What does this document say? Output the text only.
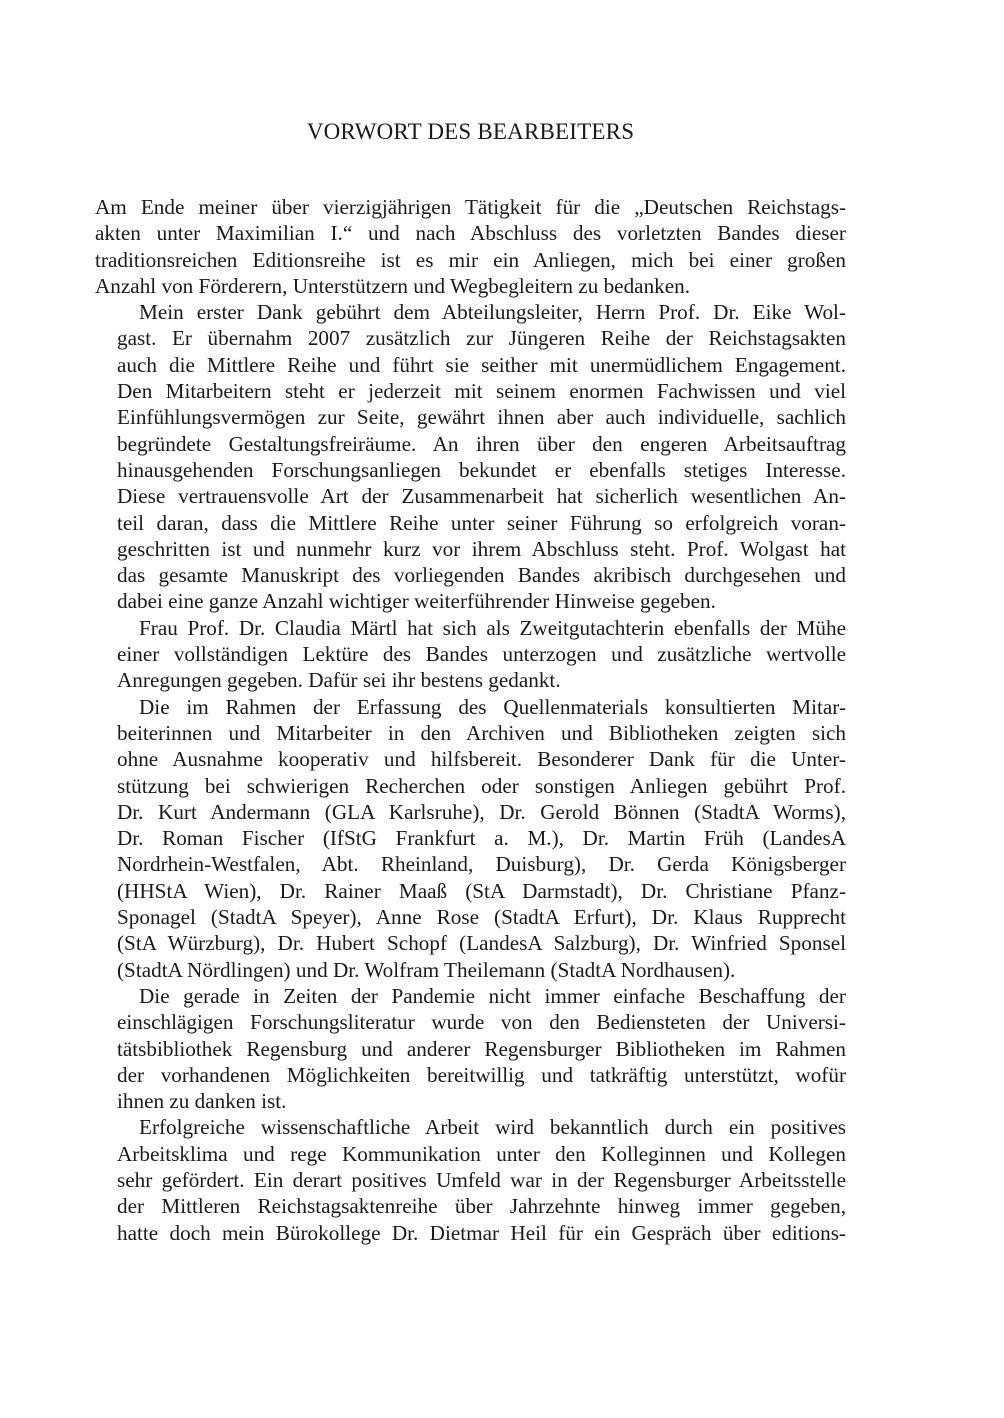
VORWORT DES BEARBEITERS
Am Ende meiner über vierzigjährigen Tätigkeit für die „Deutschen Reichstags-
akten unter Maximilian I.“ und nach Abschluss des vorletzten Bandes dieser
traditionsreichen Editionsreihe ist es mir ein Anliegen, mich bei einer großen
Anzahl von Förderern, Unterstützern und Wegbegleitern zu bedanken.
Mein erster Dank gebührt dem Abteilungsleiter, Herrn Prof. Dr. Eike Wol-
gast. Er übernahm 2007 zusätzlich zur Jüngeren Reihe der Reichstagsakten
auch die Mittlere Reihe und führt sie seither mit unermüdlichem Engagement.
Den Mitarbeitern steht er jederzeit mit seinem enormen Fachwissen und viel
Einfühlungsvermögen zur Seite, gewährt ihnen aber auch individuelle, sachlich
begründete Gestaltungsfreiräume. An ihren über den engeren Arbeitsauftrag
hinausgehenden Forschungsanliegen bekundet er ebenfalls stetiges Interesse.
Diese vertrauensvolle Art der Zusammenarbeit hat sicherlich wesentlichen An-
teil daran, dass die Mittlere Reihe unter seiner Führung so erfolgreich voran-
geschritten ist und nunmehr kurz vor ihrem Abschluss steht. Prof. Wolgast hat
das gesamte Manuskript des vorliegenden Bandes akribisch durchgesehen und
dabei eine ganze Anzahl wichtiger weiterführender Hinweise gegeben.
Frau Prof. Dr. Claudia Märtl hat sich als Zweitgutachterin ebenfalls der Mühe
einer vollständigen Lektüre des Bandes unterzogen und zusätzliche wertvolle
Anregungen gegeben. Dafür sei ihr bestens gedankt.
Die im Rahmen der Erfassung des Quellenmaterials konsultierten Mitar-
beiterinnen und Mitarbeiter in den Archiven und Bibliotheken zeigten sich
ohne Ausnahme kooperativ und hilfsbereit. Besonderer Dank für die Unter-
stützung bei schwierigen Recherchen oder sonstigen Anliegen gebührt Prof.
Dr. Kurt Andermann (GLA Karlsruhe), Dr. Gerold Bönnen (StadtA Worms),
Dr. Roman Fischer (IfStG Frankfurt a. M.), Dr. Martin Früh (LandesA
Nordrhein-Westfalen, Abt. Rheinland, Duisburg), Dr. Gerda Königsberger
(HHStA Wien), Dr. Rainer Maaß (StA Darmstadt), Dr. Christiane Pfanz-
Sponagel (StadtA Speyer), Anne Rose (StadtA Erfurt), Dr. Klaus Rupprecht
(StA Würzburg), Dr. Hubert Schopf (LandesA Salzburg), Dr. Winfried Sponsel
(StadtA Nördlingen) und Dr. Wolfram Theilemann (StadtA Nordhausen).
Die gerade in Zeiten der Pandemie nicht immer einfache Beschaffung der
einschlägigen Forschungsliteratur wurde von den Bediensteten der Universi-
tätsbibliothek Regensburg und anderer Regensburger Bibliotheken im Rahmen
der vorhandenen Möglichkeiten bereitwillig und tatkräftig unterstützt, wofür
ihnen zu danken ist.
Erfolgreiche wissenschaftliche Arbeit wird bekanntlich durch ein positives
Arbeitsklima und rege Kommunikation unter den Kolleginnen und Kollegen
sehr gefördert. Ein derart positives Umfeld war in der Regensburger Arbeitsstelle
der Mittleren Reichstagsaktenreihe über Jahrzehnte hinweg immer gegeben,
hatte doch mein Bürokollege Dr. Dietmar Heil für ein Gespräch über editions-
